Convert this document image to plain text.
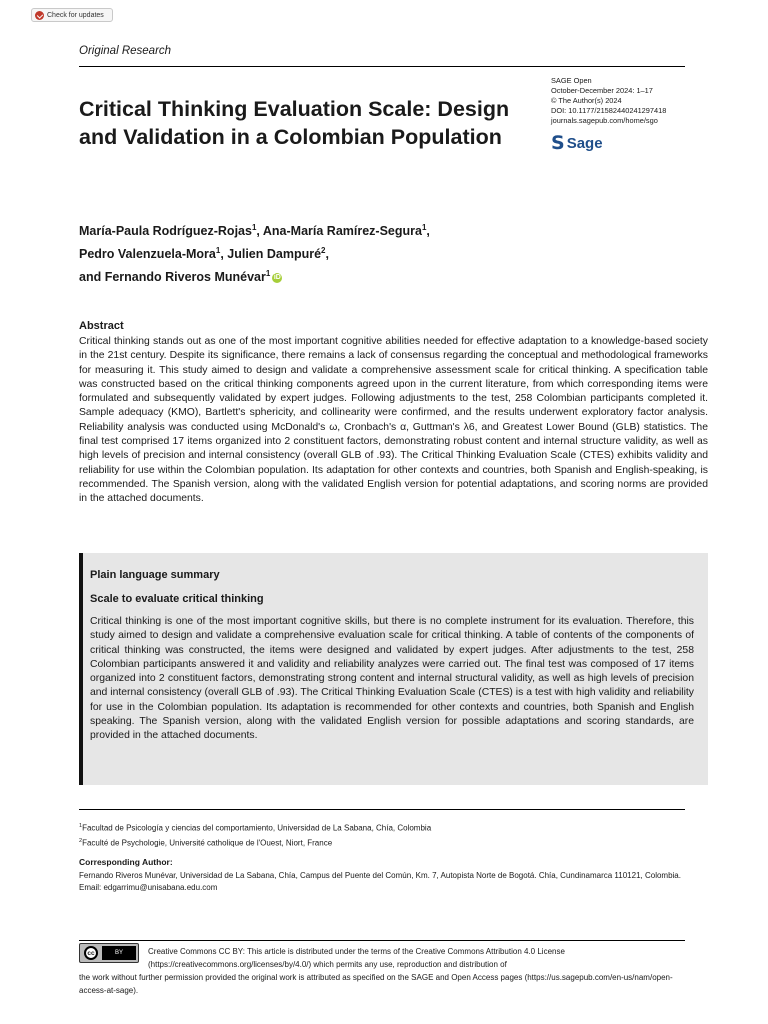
Check for updates
Original Research
Critical Thinking Evaluation Scale: Design and Validation in a Colombian Population
SAGE Open
October-December 2024: 1–17
© The Author(s) 2024
DOI: 10.1177/21582440241297418
journals.sagepub.com/home/sgo
S Sage
María-Paula Rodríguez-Rojas$^1$, Ana-María Ramírez-Segura$^1$,
Pedro Valenzuela-Mora$^1$, Julien Dampuré$^2$,
and Fernando Riveros Munévar$^1$ iD
Abstract
Critical thinking stands out as one of the most important cognitive abilities needed for effective adaptation to a knowledge-based society in the 21st century. Despite its significance, there remains a lack of consensus regarding the conceptual and methodological frameworks for measuring it. This study aimed to design and validate a comprehensive assessment scale for critical thinking. A specification table was constructed based on the critical thinking components agreed upon in the current literature, from which corresponding items were formulated and subsequently validated by expert judges. Following adjustments to the test, 258 Colombian participants completed it. Sample adequacy (KMO), Bartlett's sphericity, and collinearity were confirmed, and the results underwent exploratory factor analysis. Reliability analysis was conducted using McDonald's ω, Cronbach's α, Guttman's λ6, and Greatest Lower Bound (GLB) statistics. The final test comprised 17 items organized into 2 constituent factors, demonstrating robust content and internal structure validity, as well as high levels of precision and internal consistency (overall GLB of .93). The Critical Thinking Evaluation Scale (CTES) exhibits validity and reliability for use within the Colombian population. Its adaptation for other contexts and countries, both Spanish and English-speaking, is recommended. The Spanish version, along with the validated English version for potential adaptations, and scoring norms are provided in the attached documents.
Plain language summary
Scale to evaluate critical thinking
Critical thinking is one of the most important cognitive skills, but there is no complete instrument for its evaluation. Therefore, this study aimed to design and validate a comprehensive evaluation scale for critical thinking. A table of contents of the components of critical thinking was constructed, the items were designed and validated by expert judges. After adjustments to the test, 258 Colombian participants answered it and validity and reliability analyzes were carried out. The final test was composed of 17 items organized into 2 constituent factors, demonstrating strong content and internal structural validity, as well as high levels of precision and internal consistency (overall GLB of .93). The Critical Thinking Evaluation Scale (CTES) is a test with high validity and reliability for use in the Colombian population. Its adaptation is recommended for other contexts and countries, both Spanish and English speaking. The Spanish version, along with the validated English version for possible adaptations and scoring standards, are provided in the attached documents.
$^1$Facultad de Psicología y ciencias del comportamiento, Universidad de La Sabana, Chía, Colombia
$^2$Faculté de Psychologie, Université catholique de l'Ouest, Niort, France
Corresponding Author:
Fernando Riveros Munévar, Universidad de La Sabana, Chía, Campus del Puente del Común, Km. 7, Autopista Norte de Bogotá. Chía, Cundinamarca 110121, Colombia.
Email: edgarrimu@unisabana.edu.com
cc	BY	Creative Commons CC BY: This article is distributed under the terms of the Creative Commons Attribution 4.0 License (https://creativecommons.org/licenses/by/4.0/) which permits any use, reproduction and distribution of
the work without further permission provided the original work is attributed as specified on the SAGE and Open Access pages (https://us.sagepub.com/en-us/nam/open-access-at-sage).
